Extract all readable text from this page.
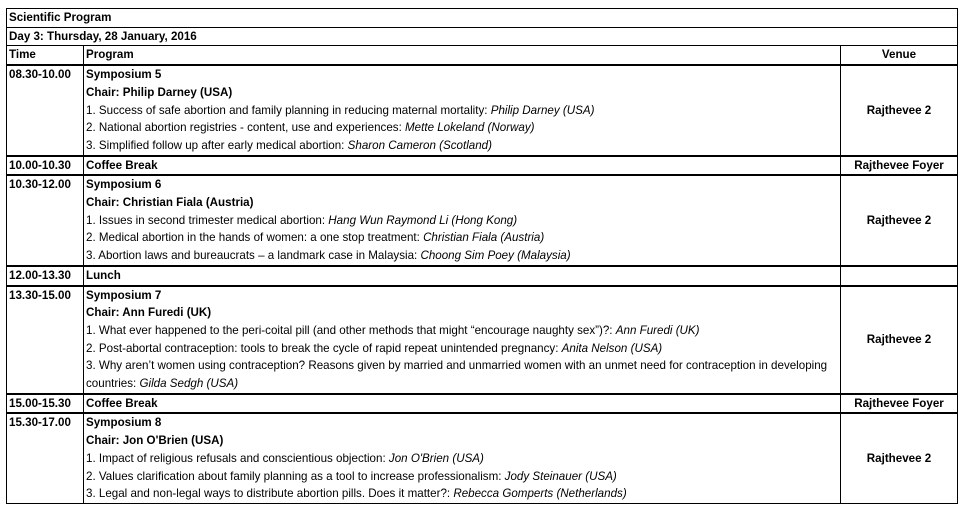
Scientific Program		
Day 3: Thursday, 28 January, 2016		
Time	Program	Venue
08.30-10.00	Symposium 5
Chair: Philip Darney (USA)
1. Success of safe abortion and family planning in reducing maternal mortality: Philip Darney (USA)
2. National abortion registries - content, use and experiences: Mette Lokeland (Norway)
3. Simplified follow up after early medical abortion: Sharon Cameron (Scotland)	Rajthevee 2
10.00-10.30	Coffee Break	Rajthevee Foyer
10.30-12.00	Symposium 6
Chair: Christian Fiala (Austria)
1. Issues in second trimester medical abortion: Hang Wun Raymond Li (Hong Kong)
2. Medical abortion in the hands of women: a one stop treatment: Christian Fiala (Austria)
3. Abortion laws and bureaucrats – a landmark case in Malaysia: Choong Sim Poey (Malaysia)	Rajthevee 2
12.00-13.30	Lunch	

13.30-15.00	Symposium 7
Chair: Ann Furedi (UK)
1. What ever happened to the peri-coital pill (and other methods that might “encourage naughty sex”)?: Ann Furedi (UK)
2. Post-abortal contraception: tools to break the cycle of rapid repeat unintended pregnancy: Anita Nelson (USA)
3. Why aren’t women using contraception? Reasons given by married and unmarried women with an unmet need for contraception in developing countries: Gilda Sedgh (USA)	Rajthevee 2
15.00-15.30	Coffee Break	Rajthevee Foyer
15.30-17.00	Symposium 8
Chair: Jon O'Brien (USA)
1. Impact of religious refusals and conscientious objection: Jon O'Brien (USA)
2. Values clarification about family planning as a tool to increase professionalism: Jody Steinauer (USA)
3. Legal and non-legal ways to distribute abortion pills. Does it matter?: Rebecca Gomperts (Netherlands)	Rajthevee 2
